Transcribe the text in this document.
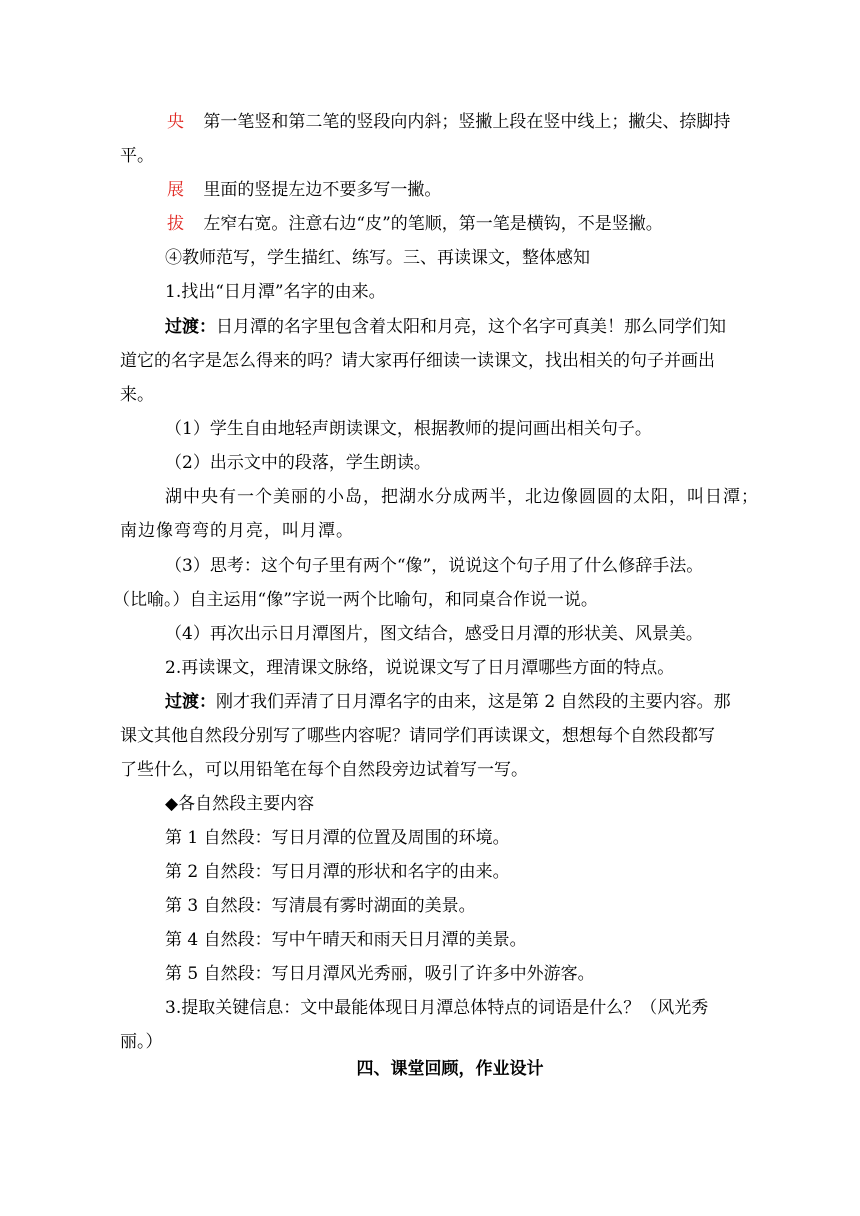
央 第一笔竖和第二笔的竖段向内斜；竖撇上段在竖中线上；撇尖、捺脚持
平。
展 里面的竖提左边不要多写一撇。
拔 左窄右宽。注意右边“皮”的笔顺，第一笔是横钩，不是竖撇。
④教师范写，学生描红、练写。三、再读课文，整体感知
1.找出“日月潭”名字的由来。
过渡：日月潭的名字里包含着太阳和月亮，这个名字可真美！那么同学们知
道它的名字是怎么得来的吗？请大家再仔细读一读课文，找出相关的句子并画出
来。
（1）学生自由地轻声朗读课文，根据教师的提问画出相关句子。
（2）出示文中的段落，学生朗读。
湖中央有一个美丽的小岛，把湖水分成两半，北边像圆圆的太阳，叫日潭；
南边像弯弯的月亮，叫月潭。
（3）思考：这个句子里有两个“像”，说说这个句子用了什么修辞手法。
（比喻。）自主运用“像”字说一两个比喻句，和同桌合作说一说。
（4）再次出示日月潭图片，图文结合，感受日月潭的形状美、风景美。
2.再读课文，理清课文脉络，说说课文写了日月潭哪些方面的特点。
过渡：刚才我们弄清了日月潭名字的由来，这是第 2 自然段的主要内容。那
课文其他自然段分别写了哪些内容呢？请同学们再读课文，想想每个自然段都写
了些什么，可以用铅笔在每个自然段旁边试着写一写。
◆各自然段主要内容
第 1 自然段：写日月潭的位置及周围的环境。
第 2 自然段：写日月潭的形状和名字的由来。
第 3 自然段：写清晨有雾时湖面的美景。
第 4 自然段：写中午晴天和雨天日月潭的美景。
第 5 自然段：写日月潭风光秀丽，吸引了许多中外游客。
3.提取关键信息：文中最能体现日月潭总体特点的词语是什么？（风光秀
丽。）
四、课堂回顾，作业设计
